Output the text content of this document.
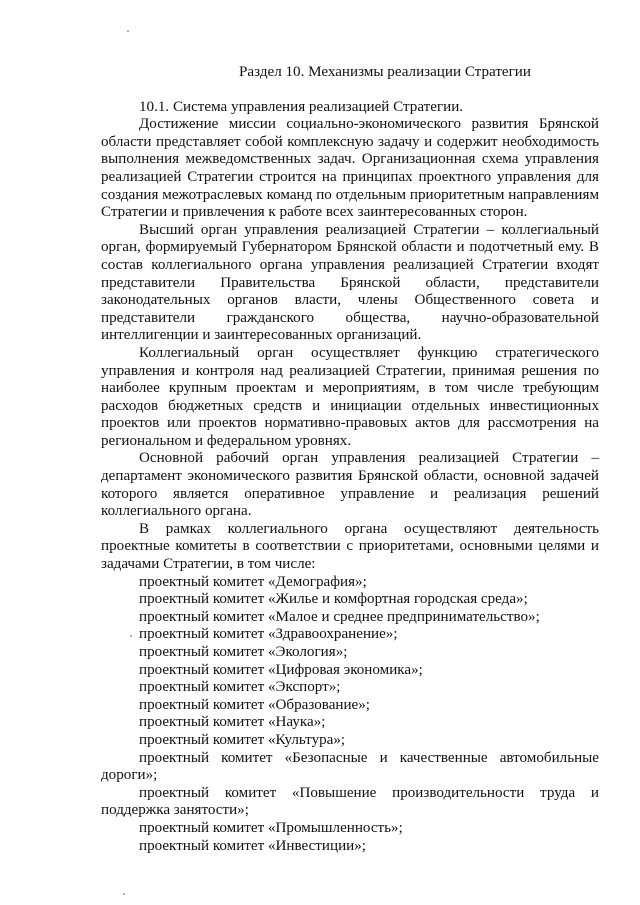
Раздел 10. Механизмы реализации Стратегии
10.1. Система управления реализацией Стратегии.

Достижение миссии социально-экономического развития Брянской области представляет собой комплексную задачу и содержит необходимость выполнения межведомственных задач. Организационная схема управления реализацией Стратегии строится на принципах проектного управления для создания межотраслевых команд по отдельным приоритетным направлениям Стратегии и привлечения к работе всех заинтересованных сторон.

Высший орган управления реализацией Стратегии – коллегиальный орган, формируемый Губернатором Брянской области и подотчетный ему. В состав коллегиального органа управления реализацией Стратегии входят представители Правительства Брянской области, представители законодательных органов власти, члены Общественного совета и представители гражданского общества, научно-образовательной интеллигенции и заинтересованных организаций.

Коллегиальный орган осуществляет функцию стратегического управления и контроля над реализацией Стратегии, принимая решения по наиболее крупным проектам и мероприятиям, в том числе требующим расходов бюджетных средств и инициации отдельных инвестиционных проектов или проектов нормативно-правовых актов для рассмотрения на региональном и федеральном уровнях.

Основной рабочий орган управления реализацией Стратегии – департамент экономического развития Брянской области, основной задачей которого является оперативное управление и реализация решений коллегиального органа.

В рамках коллегиального органа осуществляют деятельность проектные комитеты в соответствии с приоритетами, основными целями и задачами Стратегии, в том числе:

проектный комитет «Демография»;
проектный комитет «Жилье и комфортная городская среда»;
проектный комитет «Малое и среднее предпринимательство»;
проектный комитет «Здравоохранение»;
проектный комитет «Экология»;
проектный комитет «Цифровая экономика»;
проектный комитет «Экспорт»;
проектный комитет «Образование»;
проектный комитет «Наука»;
проектный комитет «Культура»;
проектный комитет «Безопасные и качественные автомобильные дороги»;
проектный комитет «Повышение производительности труда и поддержка занятости»;
проектный комитет «Промышленность»;
проектный комитет «Инвестиции»;
